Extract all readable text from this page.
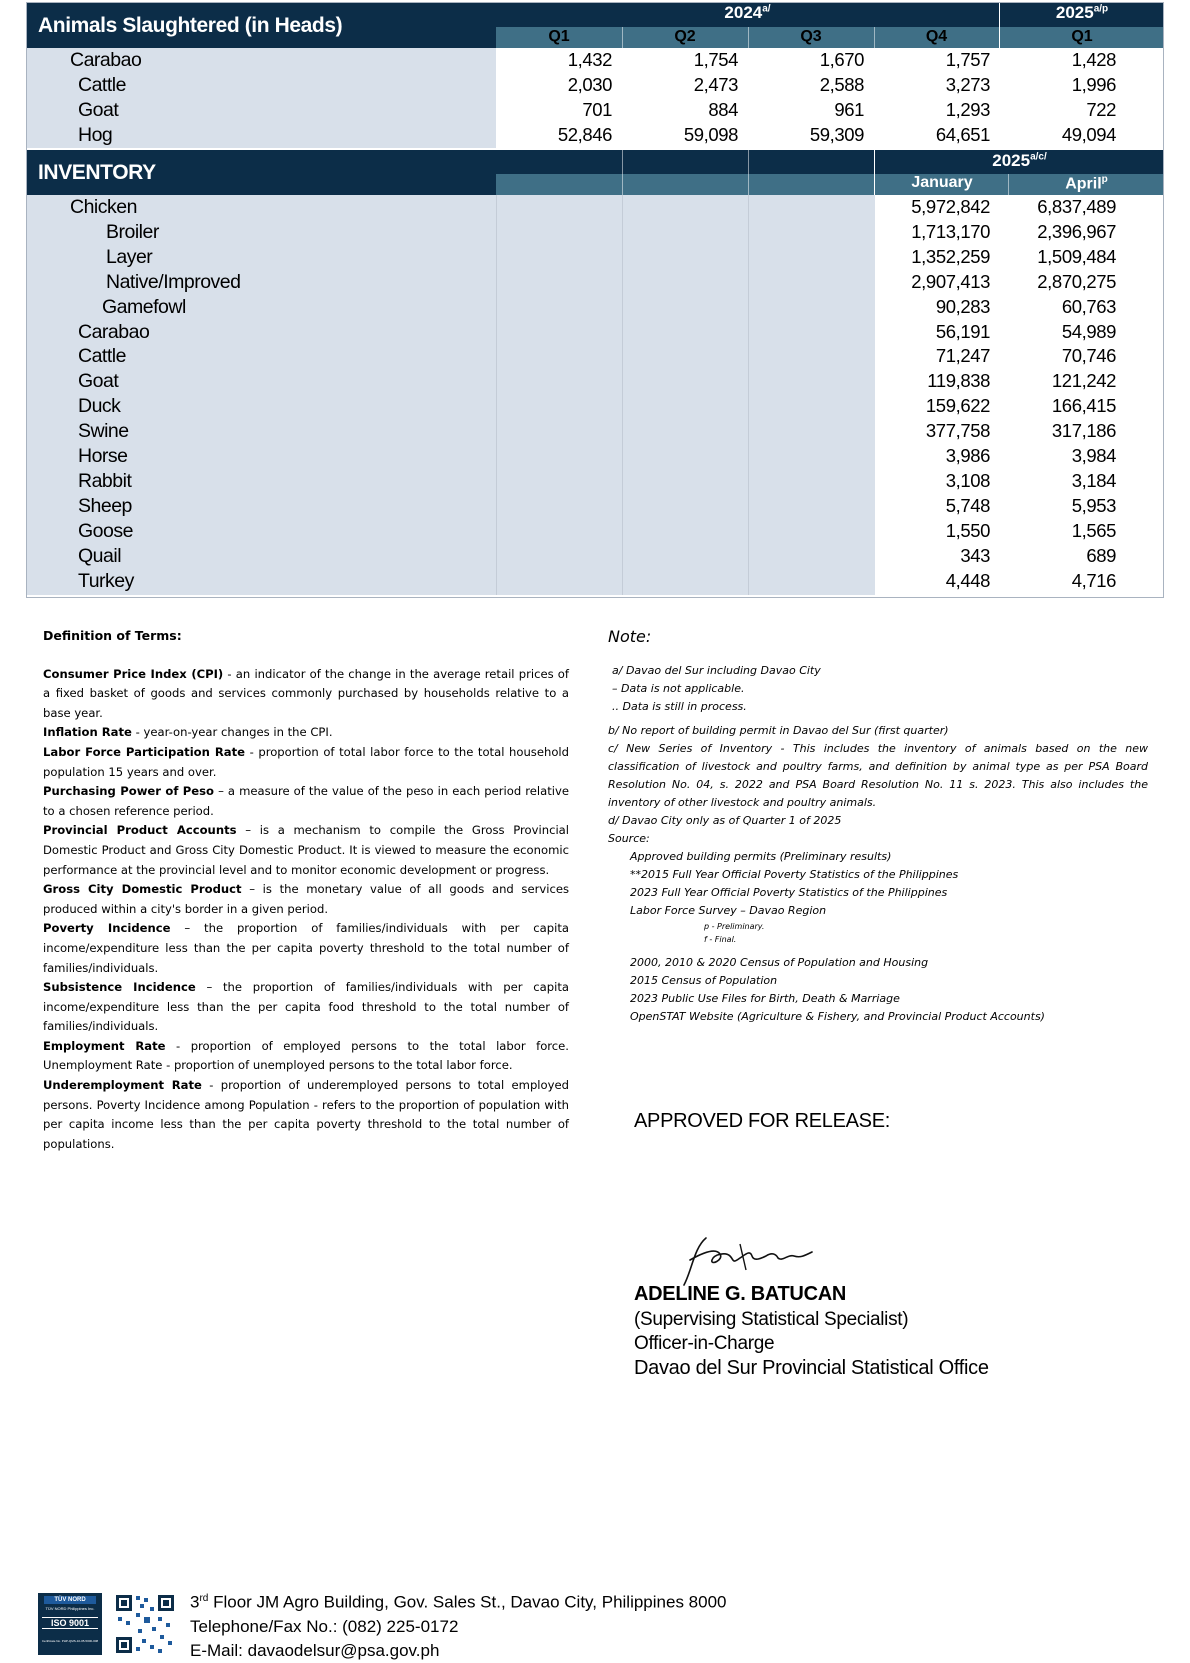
Animals Slaughtered (in Heads)
$2024^{a/}$	$2025^{a/p}$
Q1	Q2	Q3	Q4	Q1
Carabao	1,432	1,754	1,670	1,757	1,428
Cattle	2,030	2,473	2,588	3,273	1,996
Goat	701	884	961	1,293	722
Hog	52,846	59,098	59,309	64,651	49,094
INVENTORY
$2025^{a/c/}$
January	April$^p$
Chicken	5,972,842	6,837,489
Broiler	1,713,170	2,396,967
Layer	1,352,259	1,509,484
Native/Improved	2,907,413	2,870,275
Gamefowl	90,283	60,763
Carabao	56,191	54,989
Cattle	71,247	70,746
Goat	119,838	121,242
Duck	159,622	166,415
Swine	377,758	317,186
Horse	3,986	3,984
Rabbit	3,108	3,184
Sheep	5,748	5,953
Goose	1,550	1,565
Quail	343	689
Turkey	4,448	4,716
Definition of Terms:

Consumer Price Index (CPI) - an indicator of the change in the average retail prices of a fixed basket of goods and services commonly purchased by households relative to a base year.

Inflation Rate - year-on-year changes in the CPI.

Labor Force Participation Rate - proportion of total labor force to the total household population 15 years and over.

Purchasing Power of Peso – a measure of the value of the peso in each period relative to a chosen reference period.

Provincial Product Accounts – is a mechanism to compile the Gross Provincial Domestic Product and Gross City Domestic Product. It is viewed to measure the economic performance at the provincial level and to monitor economic development or progress.

Gross City Domestic Product – is the monetary value of all goods and services produced within a city's border in a given period.

Poverty Incidence – the proportion of families/individuals with per capita income/expenditure less than the per capita poverty threshold to the total number of families/individuals.

Subsistence Incidence – the proportion of families/individuals with per capita income/expenditure less than the per capita food threshold to the total number of families/individuals.

Employment Rate - proportion of employed persons to the total labor force. Unemployment Rate - proportion of unemployed persons to the total labor force.

Underemployment Rate - proportion of underemployed persons to total employed persons. Poverty Incidence among Population - refers to the proportion of population with per capita income less than the per capita poverty threshold to the total number of populations.

Note:
a/ Davao del Sur including Davao City
– Data is not applicable.
.. Data is still in process.
b/ No report of building permit in Davao del Sur (first quarter)
c/ New Series of Inventory - This includes the inventory of animals based on the new classification of livestock and poultry farms, and definition by animal type as per PSA Board Resolution No. 04, s. 2022 and PSA Board Resolution No. 11 s. 2023. This also includes the inventory of other livestock and poultry animals.
d/ Davao City only as of Quarter 1 of 2025
Source:
Approved building permits (Preliminary results)
**2015 Full Year Official Poverty Statistics of the Philippines
2023 Full Year Official Poverty Statistics of the Philippines
Labor Force Survey – Davao Region
p - Preliminary.
f - Final.
2000, 2010 & 2020 Census of Population and Housing
2015 Census of Population
2023 Public Use Files for Birth, Death & Marriage
OpenSTAT Website (Agriculture & Fishery, and Provincial Product Accounts)
APPROVED FOR RELEASE:
ADELINE G. BATUCAN
(Supervising Statistical Specialist)
Officer-in-Charge
Davao del Sur Provincial Statistical Office
TÜV NORD
TÜV NORD Philippines Inc.
ISO 9001
Certificate No. PHP-QMS-10-05-5000-008
3rd Floor JM Agro Building, Gov. Sales St., Davao City, Philippines 8000
Telephone/Fax No.: (082) 225-0172
E-Mail: davaodelsur@psa.gov.ph
